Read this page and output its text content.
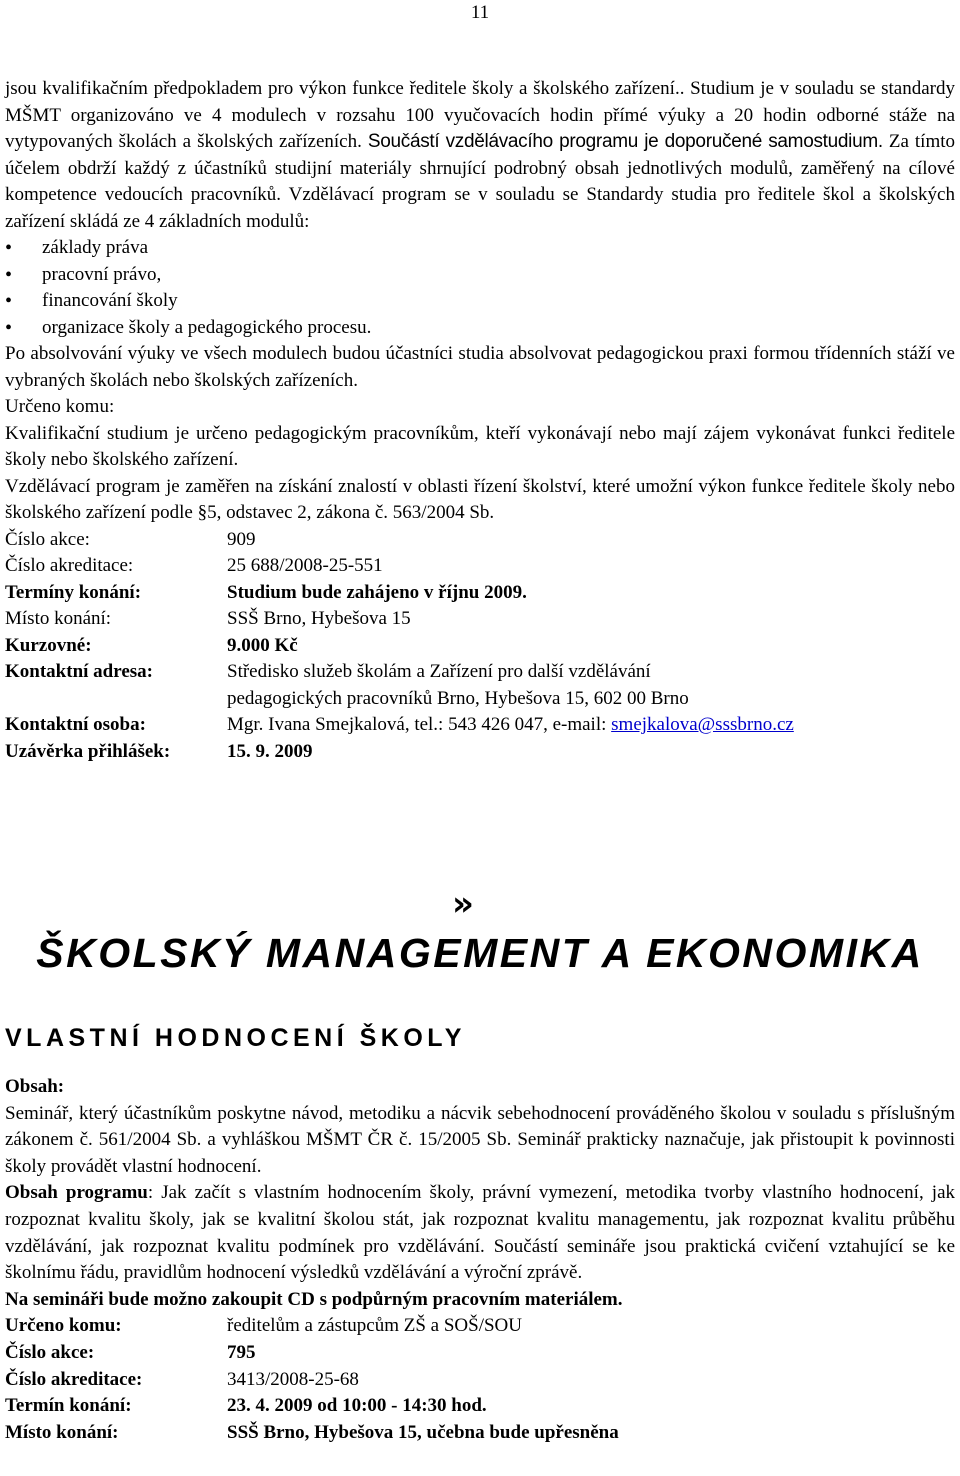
11

jsou kvalifikačním předpokladem pro výkon funkce ředitele školy a školského zařízení.. Studium je v souladu se standardy MŠMT organizováno ve 4 modulech v rozsahu 100 vyučovacích hodin přímé výuky a 20 hodin odborné stáže na vytypovaných školách a školských zařízeních. Součástí vzdělávacího programu je doporučené samostudium. Za tímto účelem obdrží každý z účastníků studijní materiály shrnující podrobný obsah jednotlivých modulů, zaměřený na cílové kompetence vedoucích pracovníků. Vzdělávací program se v souladu se Standardy studia pro ředitele škol a školských zařízení skládá ze 4 základních modulů:

• základy práva
• pracovní právo,
• financování školy
• organizace školy a pedagogického procesu.

Po absolvování výuky ve všech modulech budou účastníci studia absolvovat pedagogickou praxi formou třídenních stáží ve vybraných školách nebo školských zařízeních.

Určeno komu:

Kvalifikační studium je určeno pedagogickým pracovníkům, kteří vykonávají nebo mají zájem vykonávat funkci ředitele školy nebo školského zařízení.

Vzdělávací program je zaměřen na získání znalostí v oblasti řízení školství, které umožní výkon funkce ředitele školy nebo školského zařízení podle §5, odstavec 2, zákona č. 563/2004 Sb.

Číslo akce:	909
Číslo akreditace:	25 688/2008-25-551
Termíny konání:	Studium bude zahájeno v říjnu 2009.
Místo konání:	SSŠ Brno, Hybešova 15
Kurzovné:	9.000 Kč
Kontaktní adresa:	Středisko služeb školám a Zařízení pro další vzdělávání
pedagogických pracovníků Brno, Hybešova 15, 602 00 Brno
Kontaktní osoba:	Mgr. Ivana Smejkalová, tel.: 543 426 047, e-mail: smejkalova@sssbrno.cz
Uzávěrka přihlášek:	15. 9. 2009
»
ŠKOLSKÝ MANAGEMENT A EKONOMIKA
VLASTNÍ HODNOCENÍ ŠKOLY

Obsah:

Seminář, který účastníkům poskytne návod, metodiku a nácvik sebehodnocení prováděného školou v souladu s příslušným zákonem č. 561/2004 Sb. a vyhláškou MŠMT ČR č. 15/2005 Sb. Seminář prakticky naznačuje, jak přistoupit k povinnosti školy provádět vlastní hodnocení.

Obsah programu: Jak začít s vlastním hodnocením školy, právní vymezení, metodika tvorby vlastního hodnocení, jak rozpoznat kvalitu školy, jak se kvalitní školou stát, jak rozpoznat kvalitu managementu, jak rozpoznat kvalitu průběhu vzdělávání, jak rozpoznat kvalitu podmínek pro vzdělávání. Součástí semináře jsou praktická cvičení vztahující se ke školnímu řádu, pravidlům hodnocení výsledků vzdělávání a výroční zprávě.

Na semináři bude možno zakoupit CD s podpůrným pracovním materiálem.

Určeno komu:	ředitelům a zástupcům ZŠ a SOŠ/SOU
Číslo akce:	795
Číslo akreditace:	3413/2008-25-68
Termín konání:	23. 4. 2009 od 10:00 - 14:30 hod.
Místo konání:	SSŠ Brno, Hybešova 15, učebna bude upřesněna
